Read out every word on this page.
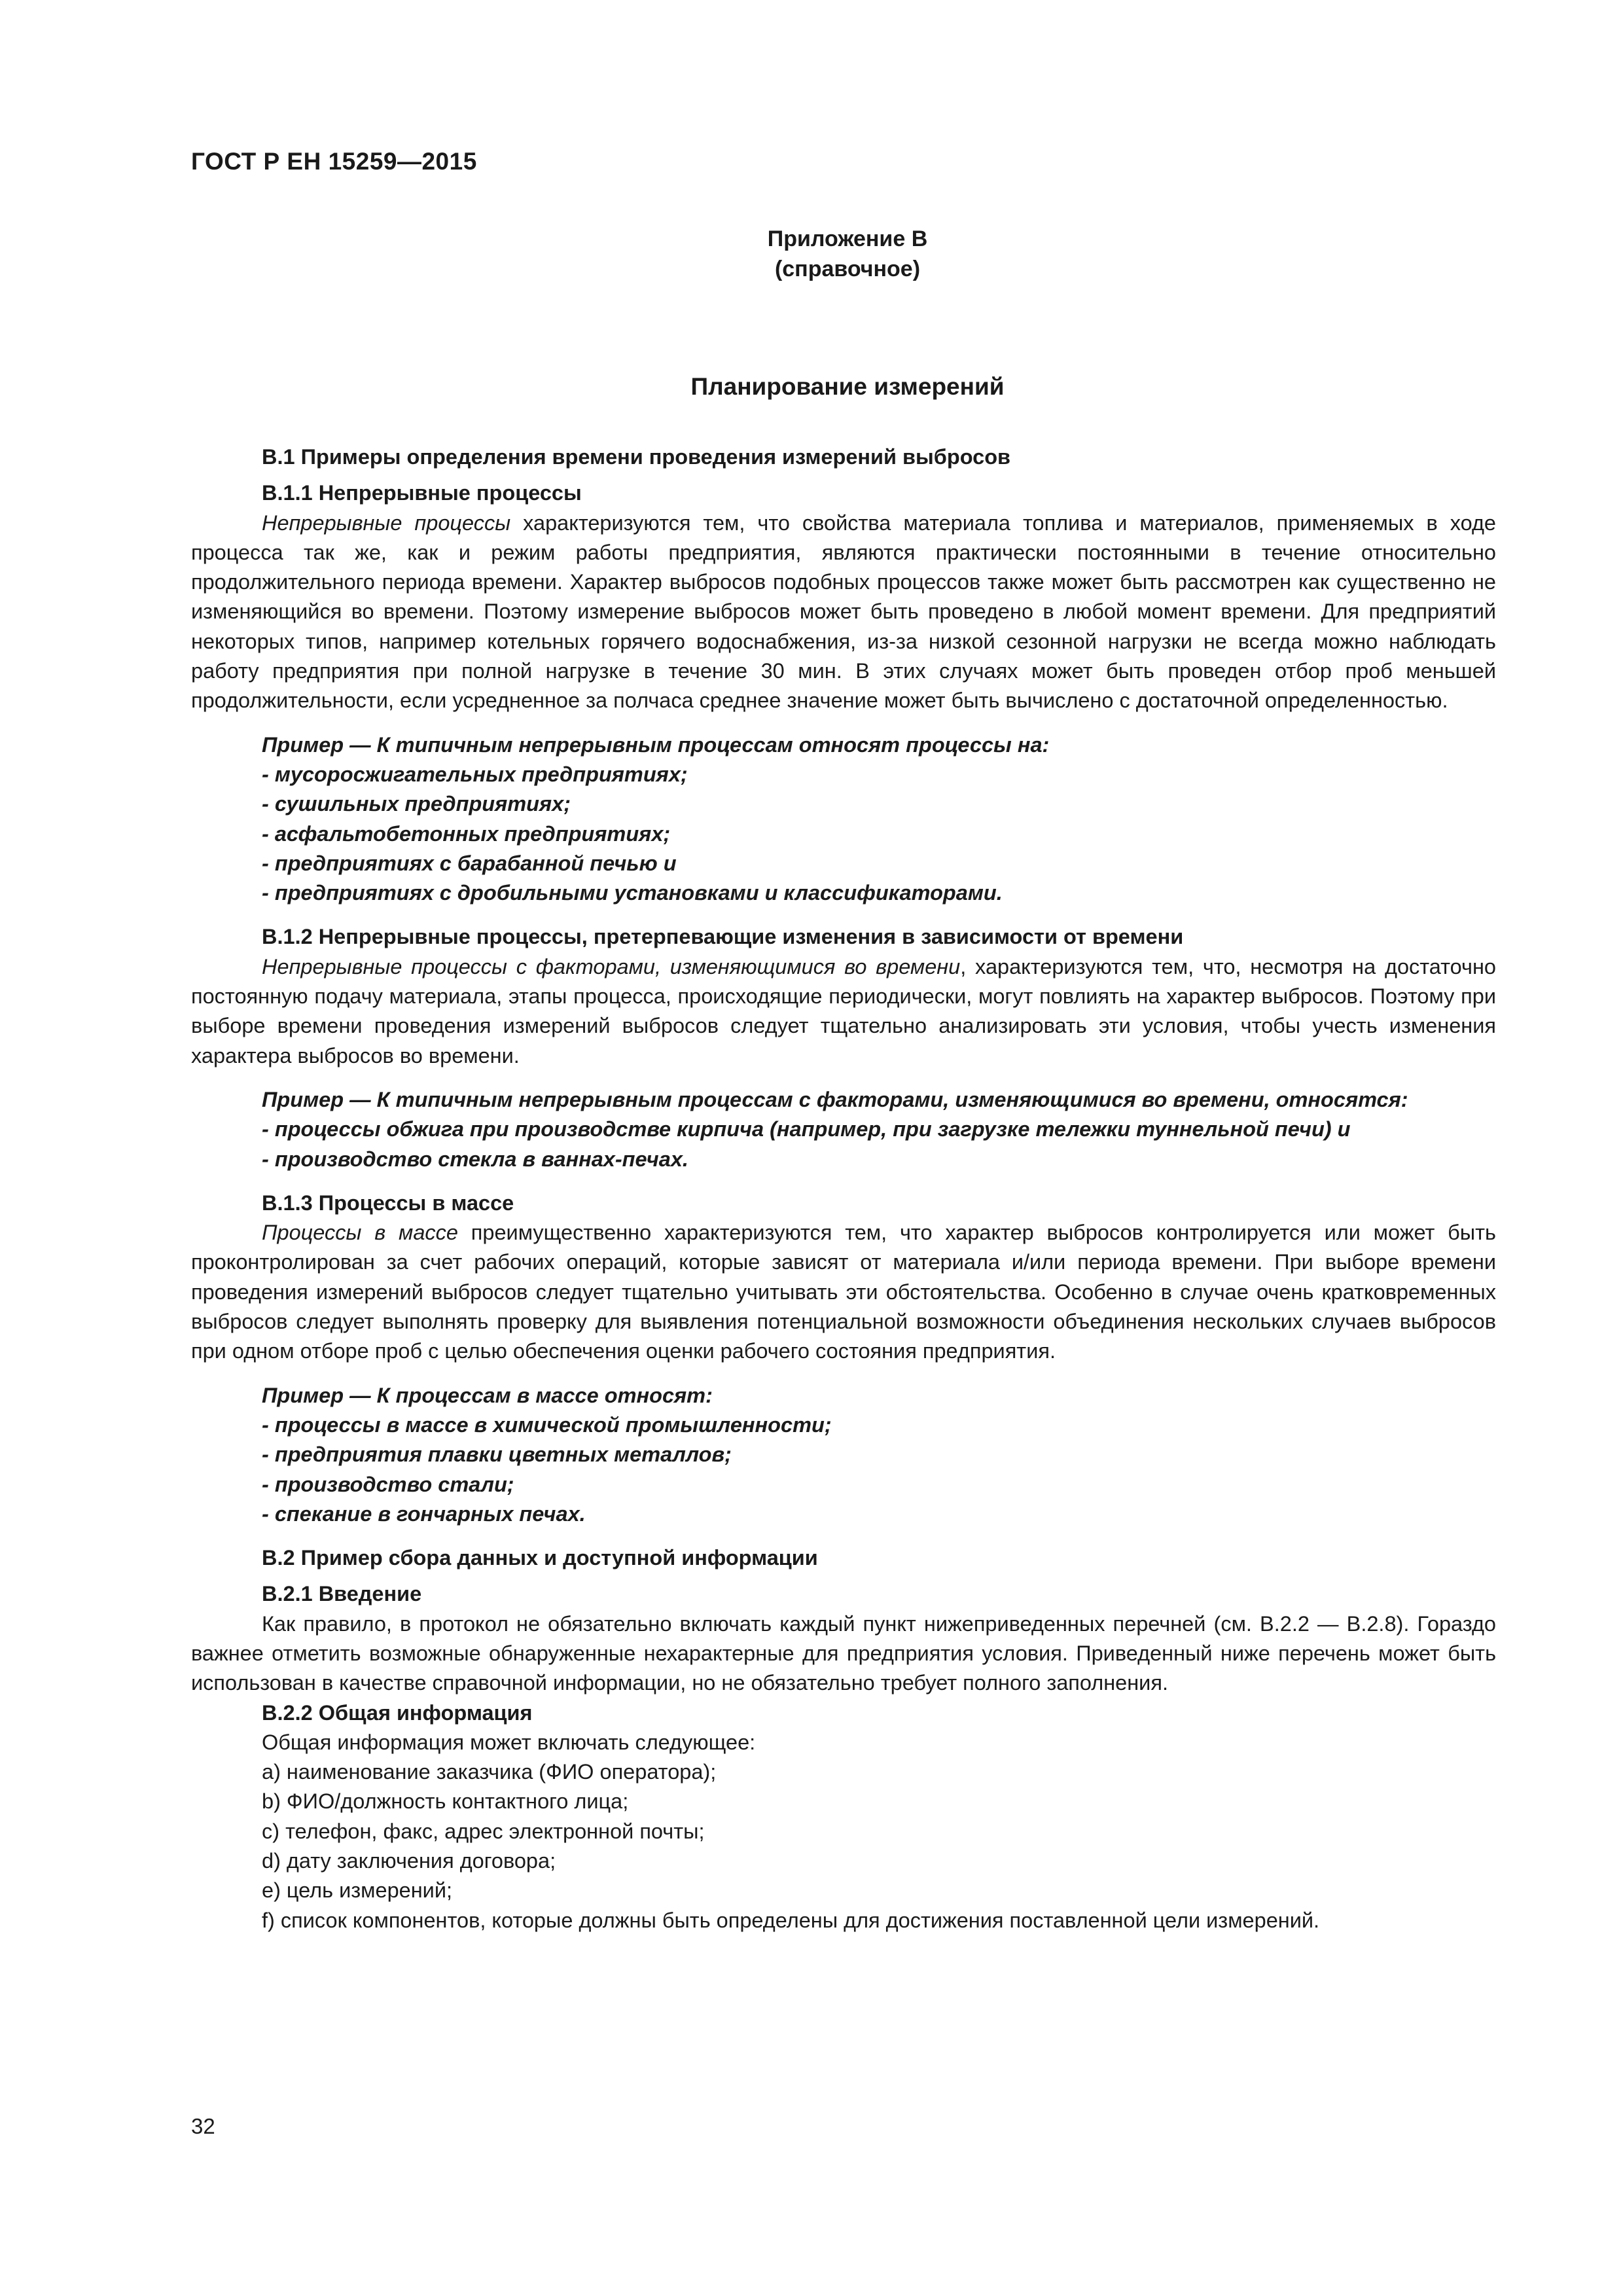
ГОСТ Р ЕН 15259—2015
Приложение В
(справочное)
Планирование измерений
В.1 Примеры определения времени проведения измерений выбросов
В.1.1 Непрерывные процессы
Непрерывные процессы характеризуются тем, что свойства материала топлива и материалов, применяемых в ходе процесса так же, как и режим работы предприятия, являются практически постоянными в течение относительно продолжительного периода времени. Характер выбросов подобных процессов также может быть рассмотрен как существенно не изменяющийся во времени. Поэтому измерение выбросов может быть проведено в любой момент времени. Для предприятий некоторых типов, например котельных горячего водоснабжения, из-за низкой сезонной нагрузки не всегда можно наблюдать работу предприятия при полной нагрузке в течение 30 мин. В этих случаях может быть проведен отбор проб меньшей продолжительности, если усредненное за полчаса среднее значение может быть вычислено с достаточной определенностью.
Пример — К типичным непрерывным процессам относят процессы на:
- мусоросжигательных предприятиях;
- сушильных предприятиях;
- асфальтобетонных предприятиях;
- предприятиях с барабанной печью и
- предприятиях с дробильными установками и классификаторами.
В.1.2 Непрерывные процессы, претерпевающие изменения в зависимости от времени
Непрерывные процессы с факторами, изменяющимися во времени, характеризуются тем, что, несмотря на достаточно постоянную подачу материала, этапы процесса, происходящие периодически, могут повлиять на характер выбросов. Поэтому при выборе времени проведения измерений выбросов следует тщательно анализировать эти условия, чтобы учесть изменения характера выбросов во времени.
Пример — К типичным непрерывным процессам с факторами, изменяющимися во времени, относятся:
- процессы обжига при производстве кирпича (например, при загрузке тележки туннельной печи) и
- производство стекла в ваннах-печах.
В.1.3 Процессы в массе
Процессы в массе преимущественно характеризуются тем, что характер выбросов контролируется или может быть проконтролирован за счет рабочих операций, которые зависят от материала и/или периода времени. При выборе времени проведения измерений выбросов следует тщательно учитывать эти обстоятельства. Особенно в случае очень кратковременных выбросов следует выполнять проверку для выявления потенциальной возможности объединения нескольких случаев выбросов при одном отборе проб с целью обеспечения оценки рабочего состояния предприятия.
Пример — К процессам в массе относят:
- процессы в массе в химической промышленности;
- предприятия плавки цветных металлов;
- производство стали;
- спекание в гончарных печах.
В.2 Пример сбора данных и доступной информации
В.2.1 Введение
Как правило, в протокол не обязательно включать каждый пункт нижеприведенных перечней (см. В.2.2 — В.2.8). Гораздо важнее отметить возможные обнаруженные нехарактерные для предприятия условия. Приведенный ниже перечень может быть использован в качестве справочной информации, но не обязательно требует полного заполнения.
В.2.2 Общая информация
Общая информация может включать следующее:
a) наименование заказчика (ФИО оператора);
b) ФИО/должность контактного лица;
c) телефон, факс, адрес электронной почты;
d) дату заключения договора;
e) цель измерений;
f) список компонентов, которые должны быть определены для достижения поставленной цели измерений.
32
